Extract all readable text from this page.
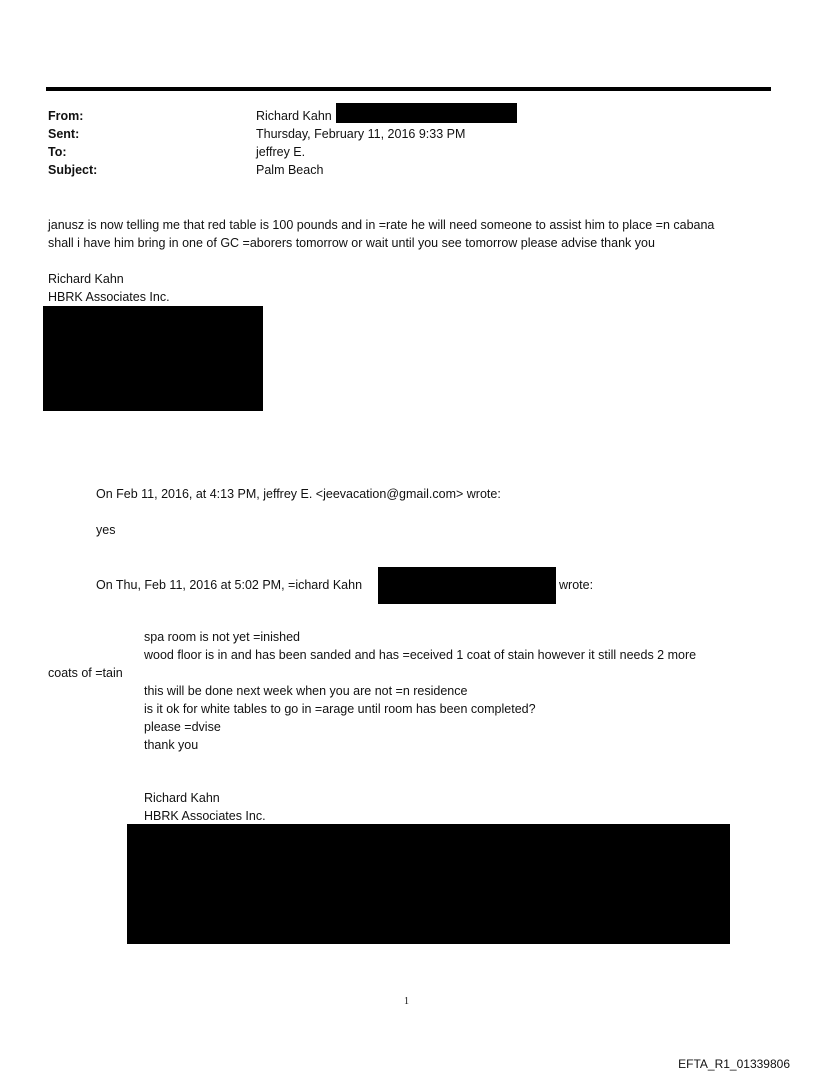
From:
Sent:
To:
Subject:
Richard Kahn
Thursday, February 11, 2016 9:33 PM
jeffrey E.
Palm Beach
janusz is now telling me that red table is 100 pounds and in =rate he will need someone to assist him to place =n cabana
shall i have him bring in one of GC =aborers tomorrow or wait until you see tomorrow please advise thank you
Richard Kahn
HBRK Associates Inc.
On Feb 11, 2016, at 4:13 PM, jeffrey E. <jeevacation@gmail.com> wrote:
yes
On Thu, Feb 11, 2016 at 5:02 PM, =ichard Kahn	wrote:
spa room is not yet =inished
wood floor is in and has been sanded and has =eceived 1 coat of stain however it still needs 2 more
coats of =tain
this will be done next week when you are not =n residence
is it ok for white tables to go in =arage until room has been completed?
please =dvise
thank you
Richard Kahn
HBRK Associates Inc.
1
EFTA_R1_01339806
